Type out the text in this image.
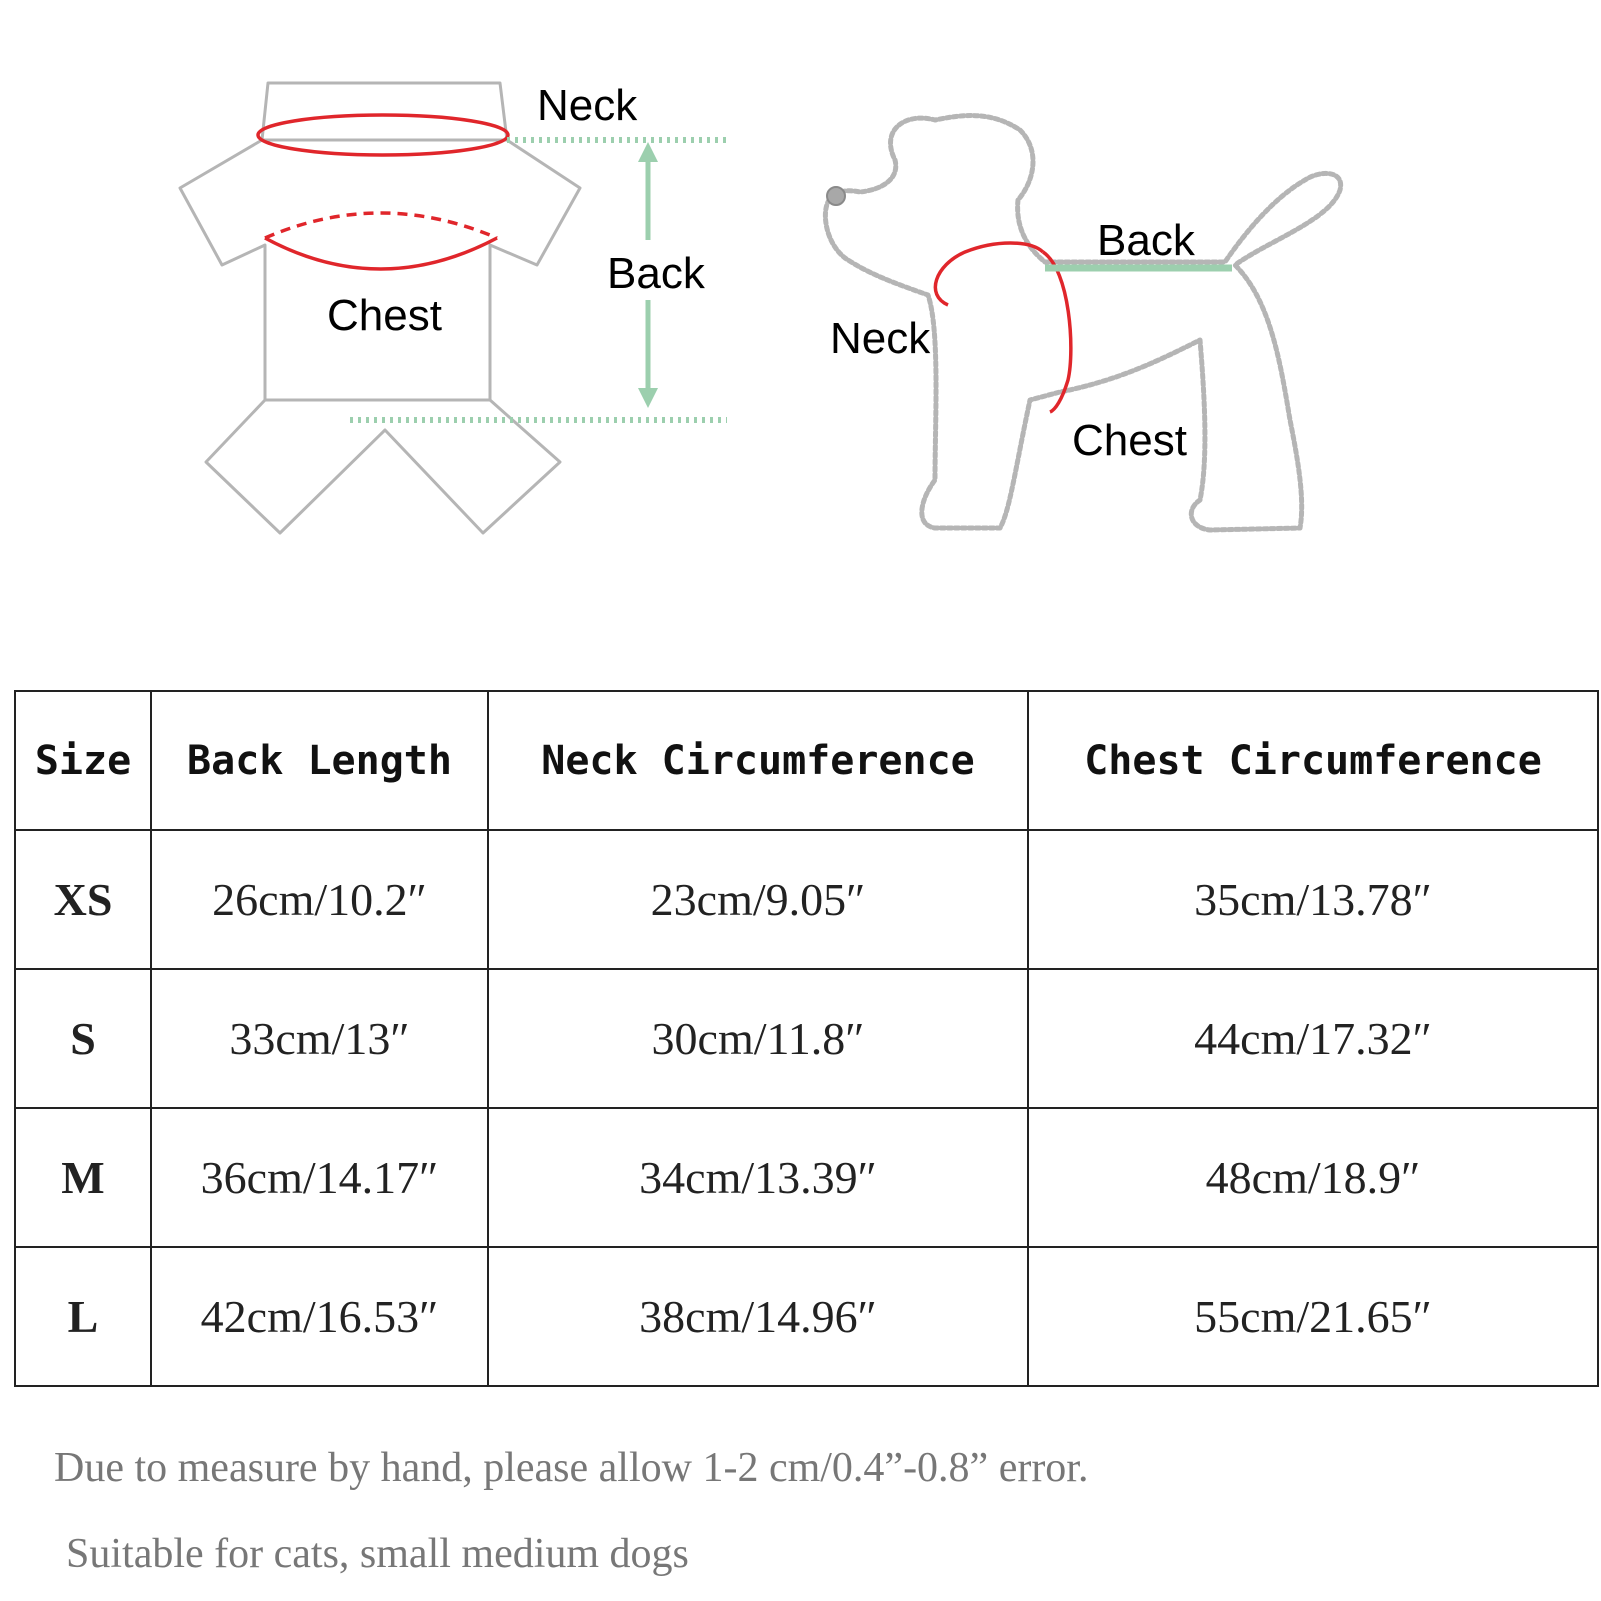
Neck
Back
Chest
Back
Neck
Chest
Size	Back Length	Neck Circumference	Chest Circumference
XS	26cm/10.2″	23cm/9.05″	35cm/13.78″
S	33cm/13″	30cm/11.8″	44cm/17.32″
M	36cm/14.17″	34cm/13.39″	48cm/18.9″
L	42cm/16.53″	38cm/14.96″	55cm/21.65″
Due to measure by hand, please allow 1-2 cm/0.4”-0.8” error.
Suitable for cats, small medium dogs
